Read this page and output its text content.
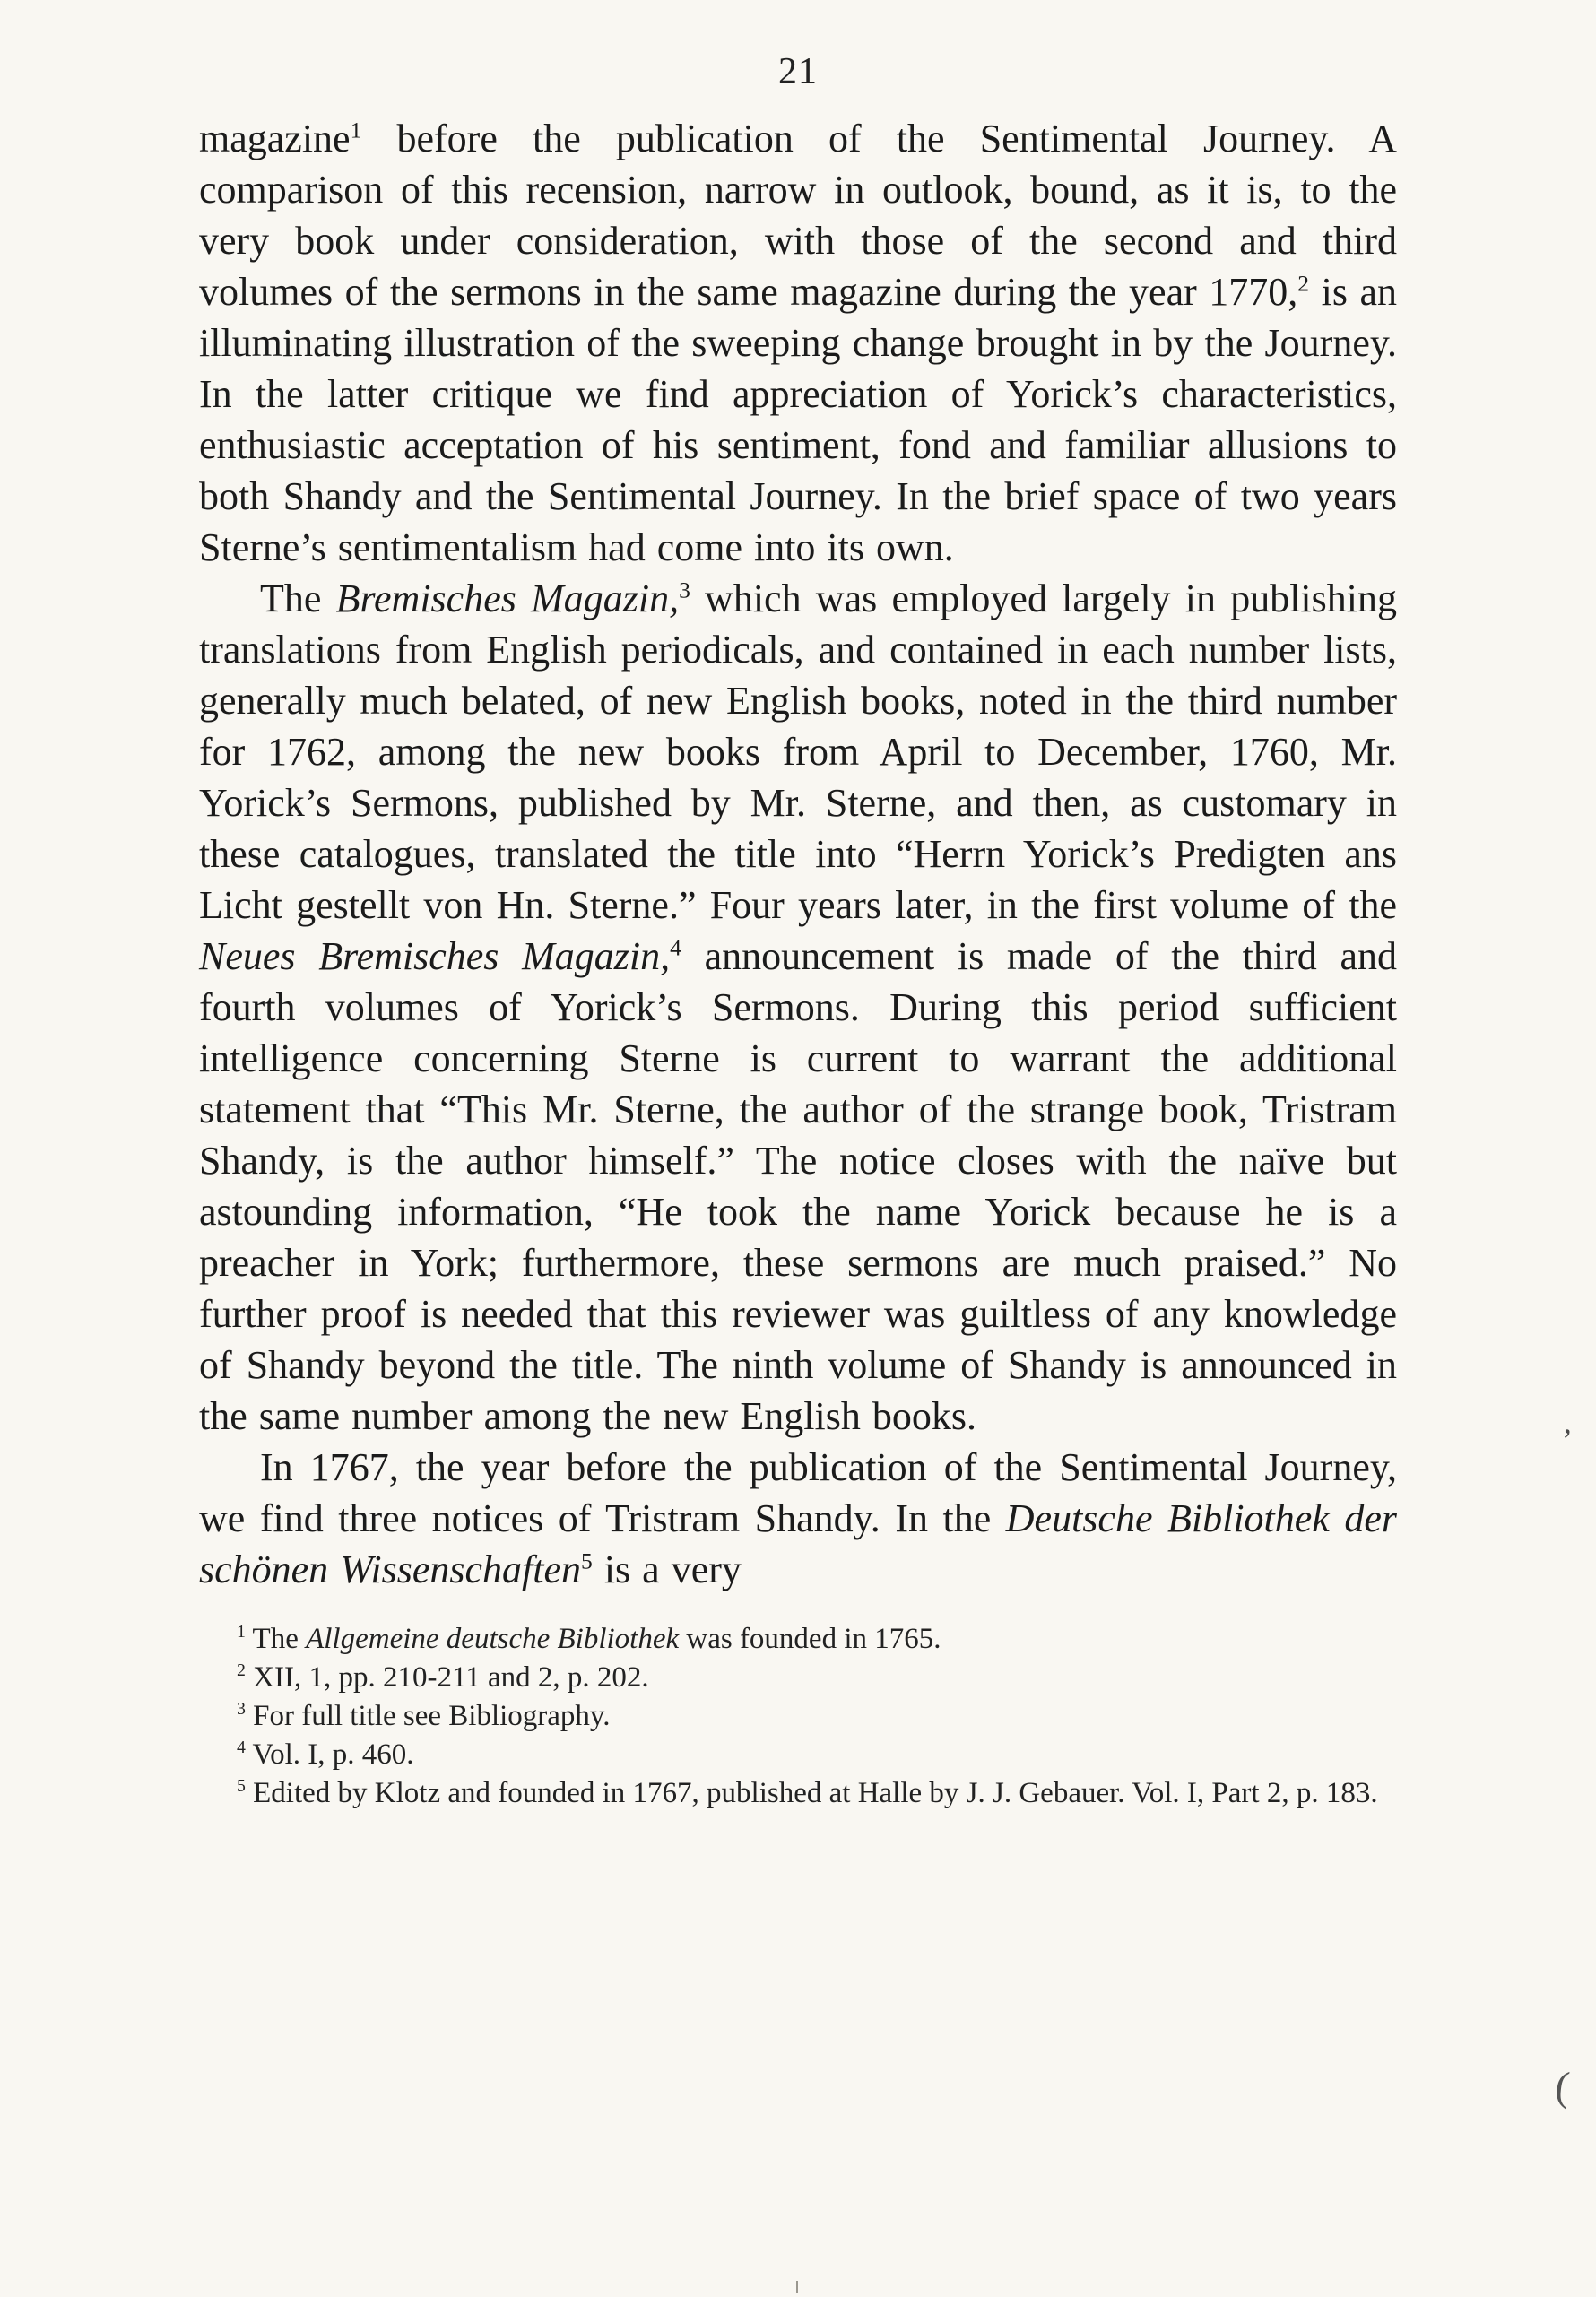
21

magazine$^1$ before the publication of the Sentimental Journey. A comparison of this recension, narrow in outlook, bound, as it is, to the very book under consideration, with those of the second and third volumes of the sermons in the same magazine during the year 1770,$^2$ is an illuminating illustration of the sweeping change brought in by the Journey. In the latter critique we find appreciation of Yorick’s characteristics, enthusiastic acceptation of his sentiment, fond and familiar allusions to both Shandy and the Sentimental Journey. In the brief space of two years Sterne’s sentimentalism had come into its own.

The Bremisches Magazin,$^3$ which was employed largely in publishing translations from English periodicals, and contained in each number lists, generally much belated, of new English books, noted in the third number for 1762, among the new books from April to December, 1760, Mr. Yorick’s Sermons, published by Mr. Sterne, and then, as customary in these catalogues, translated the title into “Herrn Yorick’s Predigten ans Licht gestellt von Hn. Sterne.” Four years later, in the first volume of the Neues Bremisches Magazin,$^4$ announcement is made of the third and fourth volumes of Yorick’s Sermons. During this period sufficient intelligence concerning Sterne is current to warrant the additional statement that “This Mr. Sterne, the author of the strange book, Tristram Shandy, is the author himself.” The notice closes with the naïve but astounding information, “He took the name Yorick because he is a preacher in York; furthermore, these sermons are much praised.” No further proof is needed that this reviewer was guiltless of any knowledge of Shandy beyond the title. The ninth volume of Shandy is announced in the same number among the new English books.

In 1767, the year before the publication of the Sentimental Journey, we find three notices of Tristram Shandy. In the Deutsche Bibliothek der schönen Wissenschaften$^5$ is a very

$^1$ The Allgemeine deutsche Bibliothek was founded in 1765.

$^2$ XII, 1, pp. 210-211 and 2, p. 202.

$^3$ For full title see Bibliography.

$^4$ Vol. I, p. 460.

$^5$ Edited by Klotz and founded in 1767, published at Halle by J. J. Gebauer. Vol. I, Part 2, p. 183.

’
(
